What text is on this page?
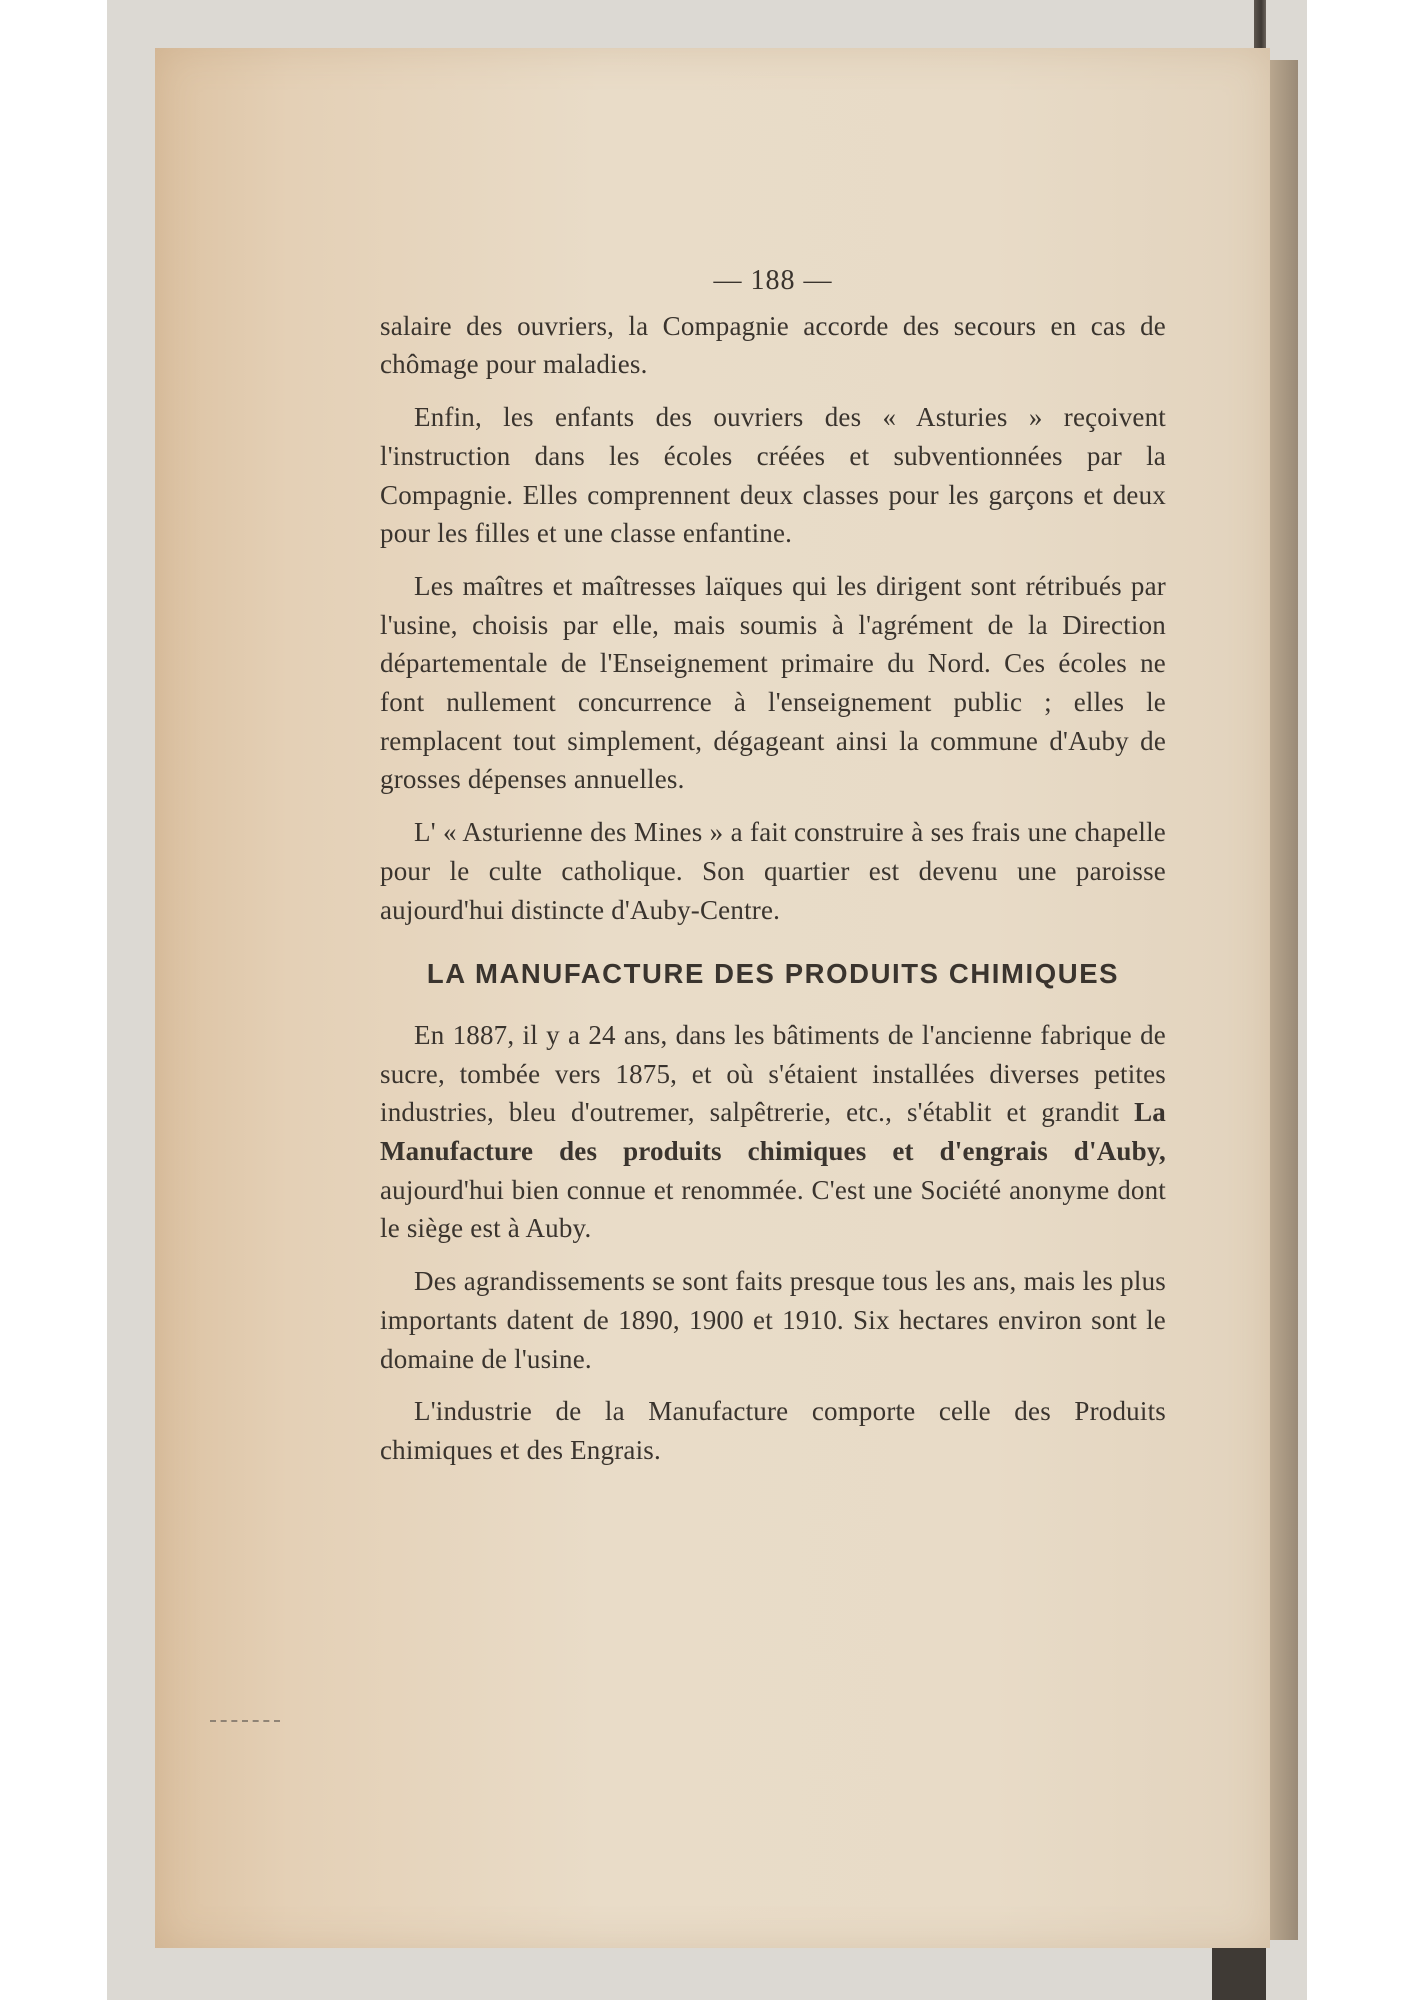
— 188 —

salaire des ouvriers, la Compagnie accorde des secours en cas de chômage pour maladies.

Enfin, les enfants des ouvriers des « Asturies » reçoivent l'instruction dans les écoles créées et subventionnées par la Compagnie. Elles comprennent deux classes pour les garçons et deux pour les filles et une classe enfantine.

Les maîtres et maîtresses laïques qui les dirigent sont rétribués par l'usine, choisis par elle, mais soumis à l'agrément de la Direction départementale de l'Enseignement primaire du Nord. Ces écoles ne font nullement concurrence à l'enseignement public ; elles le remplacent tout simplement, dégageant ainsi la commune d'Auby de grosses dépenses annuelles.

L' « Asturienne des Mines » a fait construire à ses frais une chapelle pour le culte catholique. Son quartier est devenu une paroisse aujourd'hui distincte d'Auby-Centre.

LA MANUFACTURE DES PRODUITS CHIMIQUES

En 1887, il y a 24 ans, dans les bâtiments de l'ancienne fabrique de sucre, tombée vers 1875, et où s'étaient installées diverses petites industries, bleu d'outremer, salpêtrerie, etc., s'établit et grandit La Manufacture des produits chimiques et d'engrais d'Auby, aujourd'hui bien connue et renommée. C'est une Société anonyme dont le siège est à Auby.

Des agrandissements se sont faits presque tous les ans, mais les plus importants datent de 1890, 1900 et 1910. Six hectares environ sont le domaine de l'usine.

L'industrie de la Manufacture comporte celle des Produits chimiques et des Engrais.
